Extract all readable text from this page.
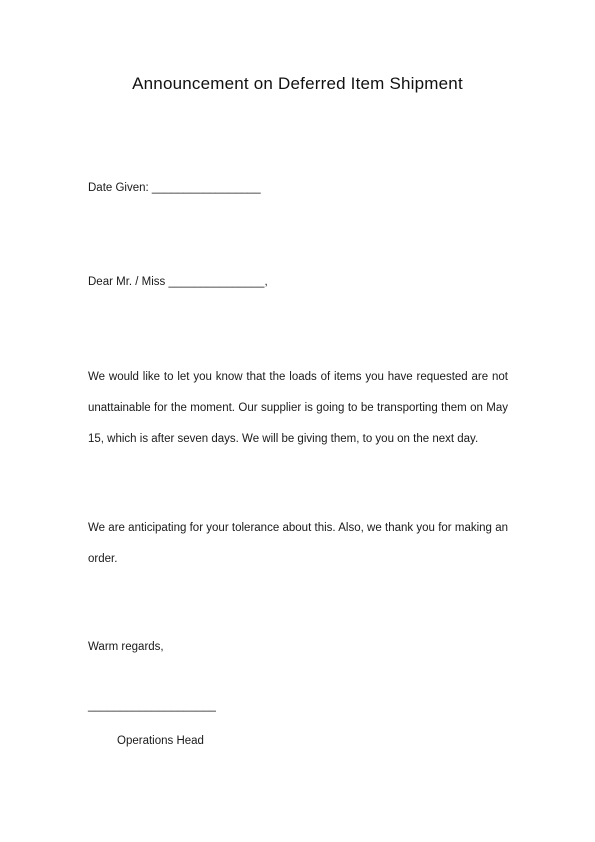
Announcement on Deferred Item Shipment
Date Given: _________________
Dear Mr. / Miss _______________,

We would like to let you know that the loads of items you have requested are not unattainable for the moment. Our supplier is going to be transporting them on May 15, which is after seven days. We will be giving them, to you on the next day.

We are anticipating for your tolerance about this. Also, we thank you for making an order.

Warm regards,
____________________
Operations Head
